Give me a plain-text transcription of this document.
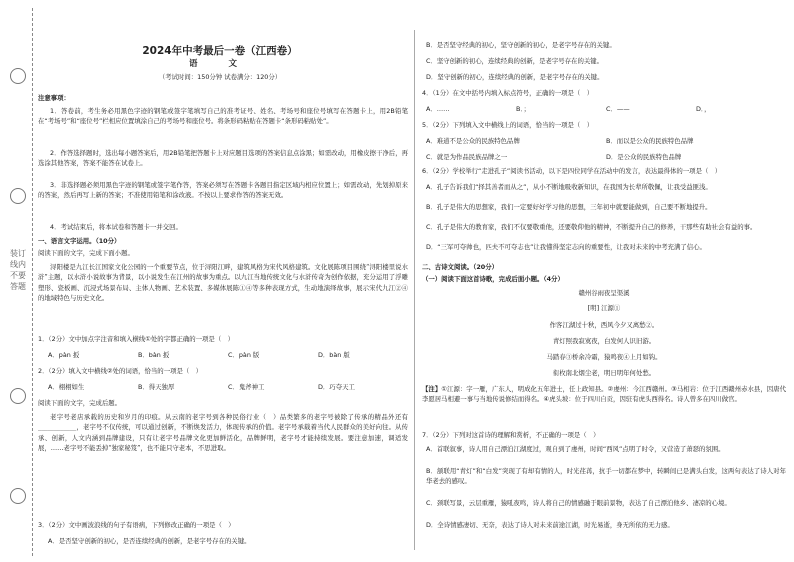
装订线内不要答题
2024年中考最后一卷（江西卷）
语 文
（考试时间：150分钟 试卷满分：120分）

注意事项：

1．答卷前，考生务必用黑色字迹的钢笔或签字笔填写自己的准考证号、姓名、考场号和座位号填写在答题卡上，用2B铅笔在“考场号”和“座位号”栏相应位置填涂自己的考场号和座位号。将条形码粘贴在答题卡“条形码粘贴处”。

2．作答选择题时，选出每小题答案后，用2B铅笔把答题卡上对应题目选项的答案信息点涂黑；如需改动，用橡皮擦干净后，再选涂其他答案，答案不能答在试卷上。

3．非选择题必须用黑色字迹的钢笔或签字笔作答，答案必须写在答题卡各题目指定区域内相应位置上；如需改动，先划掉原来的答案，然后再写上新的答案；不准使用铅笔和涂改液。不按以上要求作答的答案无效。

4．考试结束后，将本试卷和答题卡一并交回。

一、语言文字运用。（10分）

阅读下面的文字，完成下面小题。

浔阳楼是九江长江国家文化公园的一个重要节点，位于浔阳江畔，建筑风格为宋代风格建筑。文化展陈项目围绕“浔阳楼里说水浒”主题，以水浒小说故事为背景，以小说发生在江州的故事为重点。以九江当地传统文化与水浒传奇为创作依据，充分运用了浮雕塑形、瓷板画、沉浸式场景布局、主体人物画、艺术装置、多媒体展陈①④等多种表现方式，生动地演绎故事，展示宋代九江②④的地域特色与历史文化。

1．（2分）文中加点字注音和填入横线①处的字都正确的一项是（　）

A．pàn 扳	B．bàn 扳	C．pàn 版	D．bàn 版

2．（2分）填入文中横线②处的词语，恰当的一项是（　）

A．栩栩如生	B．得天独厚	C．鬼斧神工	D．巧夺天工

阅读下面的文字，完成后题。

老字号老店承载的历史和岁月的印痕。从云南的老字号到各种民俗行业（　）品类繁多的老字号被除了传承的精品外还有____________，老字号不仅传统，可以通过创新，不断焕发活力，体现传承的价值。老字号承载着当代人民群众的美好向往。从传承、创新，人文内涵到品牌建设，只有让老字号品牌文化更加鲜活化，品牌鲜明，老字号才能持续发展。要注意加速，调适发展，……老字号不能丢掉“独家秘笈”，也不能只守老本，不思进取。

3．（2分）文中画波浪线的句子有语病，下列修改正确的一项是（　）

A．是否坚守创新的初心，是否连续经典的创新，是老字号存在的关键。

B．是否坚守经典的初心，坚守创新的初心，是老字号存在的关键。

C．坚守创新的初心，连续经典的创新，是老字号存在的关键。

D．坚守创新的初心，连续经典的创新，是老字号存在的关键。

4．（1分）在文中括号内填入标点符号，正确的一项是（　）

A．……	B．；	C．——	D．，

5．（2分）下列填入文中横线上的词语，恰当的一项是（　）

A．难道不是公众的民族特色品牌	B．而以是公众的民族特色品牌
C．就是为作品民族品牌之一	D．是公众的民族特色品牌

6．（2分）学校举行“走进孔子”阅读书活动，以下是四位同学在活动中的发言，表达最得体的一项是（　）

A．孔子告诉我们“择其善者而从之”，从小不断地吸收新知识，在我国为长辈所敬佩，让我受益匪浅。

B．孔子是伟大的思想家，我们一定要好好学习他的思想，三年初中就要能做到，自己要不断地提升。

C．孔子是伟大的教育家，我们不仅要敬重他，还要敬仰他的精神，不断提升自己的修养，干那些有助社会有益的事。

D．“三军可夺帅也，匹夫不可夺志也”让我懂得坚定志向的重要性，让我对未来的中考充满了信心。

二、古诗文阅读。（20分）

（一）阅读下面这首诗歌，完成后面小题。（4分）

赣州谷雨夜呈渠溪
[明] 江源①
作客江湖过十秋，西风今夕又离愁②。
青灯照我寂寞夜，白发何人识旧游。
马踏春③桥余冷霜，猿鸣夜④上月如钩。
衔枚南北烟尘老，明日明年何处愁。

【注】①江源：字一雁，广东人，明成化五年进士，任上政知县。②虔州：今江西赣州。③马相岩：位于江西赣州赤水县，因唐代李愿居马相避一事与当地传说修结而得名。④虎头坡：位于四川自贡，因驻有虎头西得名。诗人曾多在四川做官。

7．（2分）下列对这首诗的理解和赏析，不正确的一项是（　）

A．首联叙事，诗人用自己漂泊江湖度过，观自到了虔州，时间“西风”点明了时令，又营造了萧瑟的氛围。

B．颔联用“青灯”和“白发”突现了有却有情的人，时光荏苒，抗手一切都在梦中，转瞬间已是满头白发，这两句表达了诗人对年华老去的感叹。

C．颈联写景，云层重雁，猿吼夜鸣，诗人将自己的情感融于眼前景物，表达了自己漂泊他乡、凄凉的心境。

D．全诗情感凄切、无奈，表达了诗人对未来前途江湖，时光易逝，身无所依的无力感。
